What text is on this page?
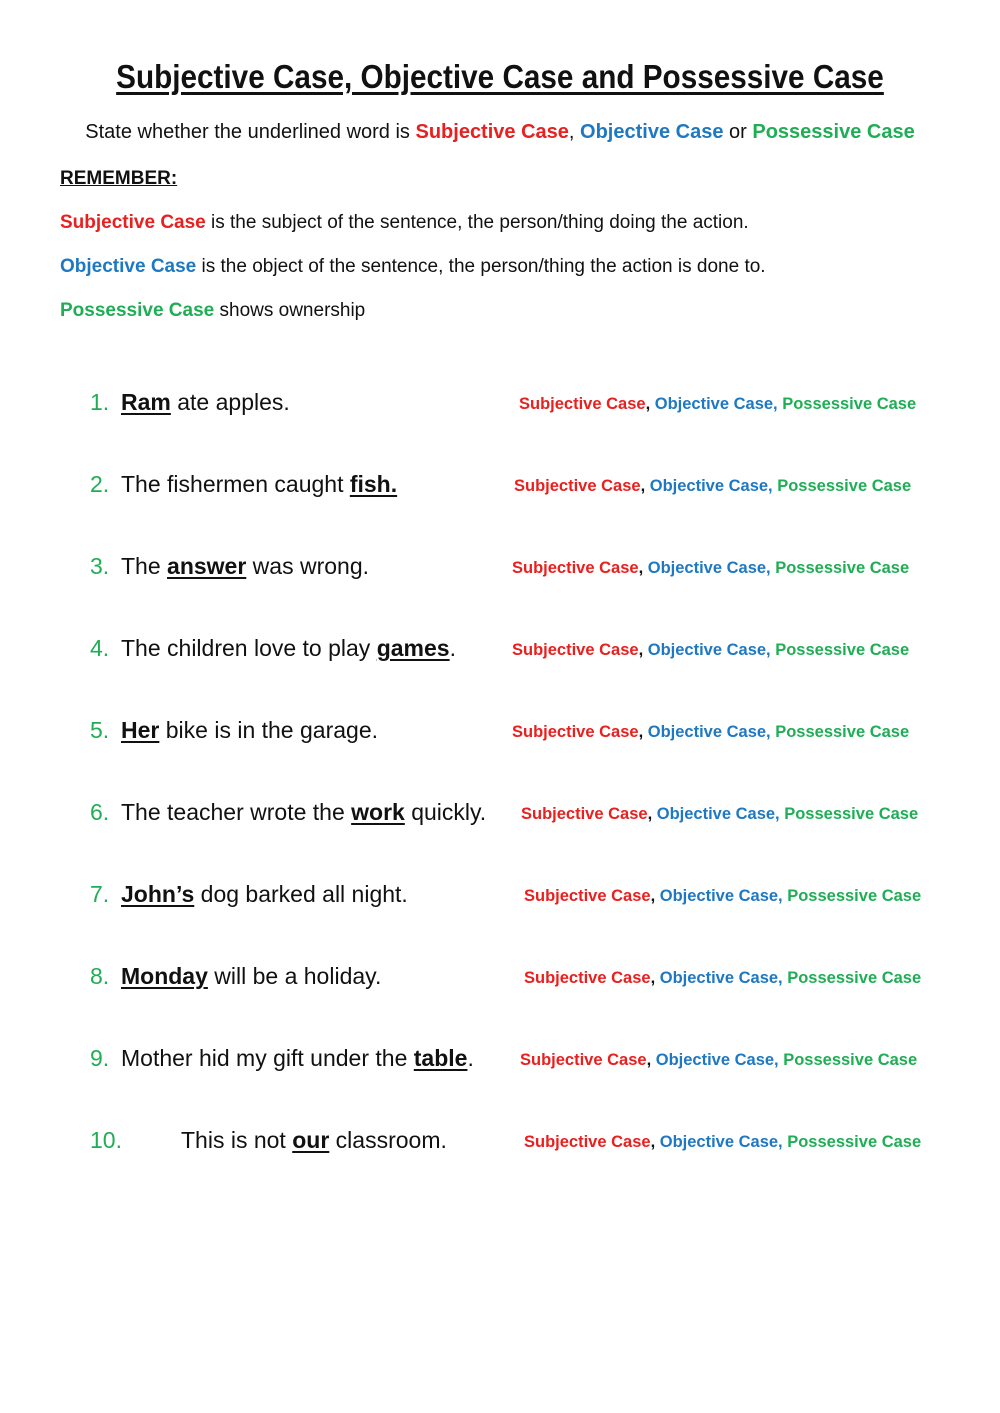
Subjective Case, Objective Case and Possessive Case
State whether the underlined word is Subjective Case, Objective Case or Possessive Case
REMEMBER:
Subjective Case is the subject of the sentence, the person/thing doing the action.
Objective Case is the object of the sentence, the person/thing the action is done to.
Possessive Case shows ownership
1. Ram ate apples.	Subjective Case, Objective Case, Possessive Case
2. The fishermen caught fish.	Subjective Case, Objective Case, Possessive Case
3. The answer was wrong.	Subjective Case, Objective Case, Possessive Case
4. The children love to play games.	Subjective Case, Objective Case, Possessive Case
5. Her bike is in the garage.	Subjective Case, Objective Case, Possessive Case
6. The teacher wrote the work quickly. Subjective Case, Objective Case, Possessive Case
7. John’s dog barked all night.	Subjective Case, Objective Case, Possessive Case
8. Monday will be a holiday.	Subjective Case, Objective Case, Possessive Case
9. Mother hid my gift under the table.	Subjective Case, Objective Case, Possessive Case
10.	This is not our classroom.	Subjective Case, Objective Case, Possessive Case
